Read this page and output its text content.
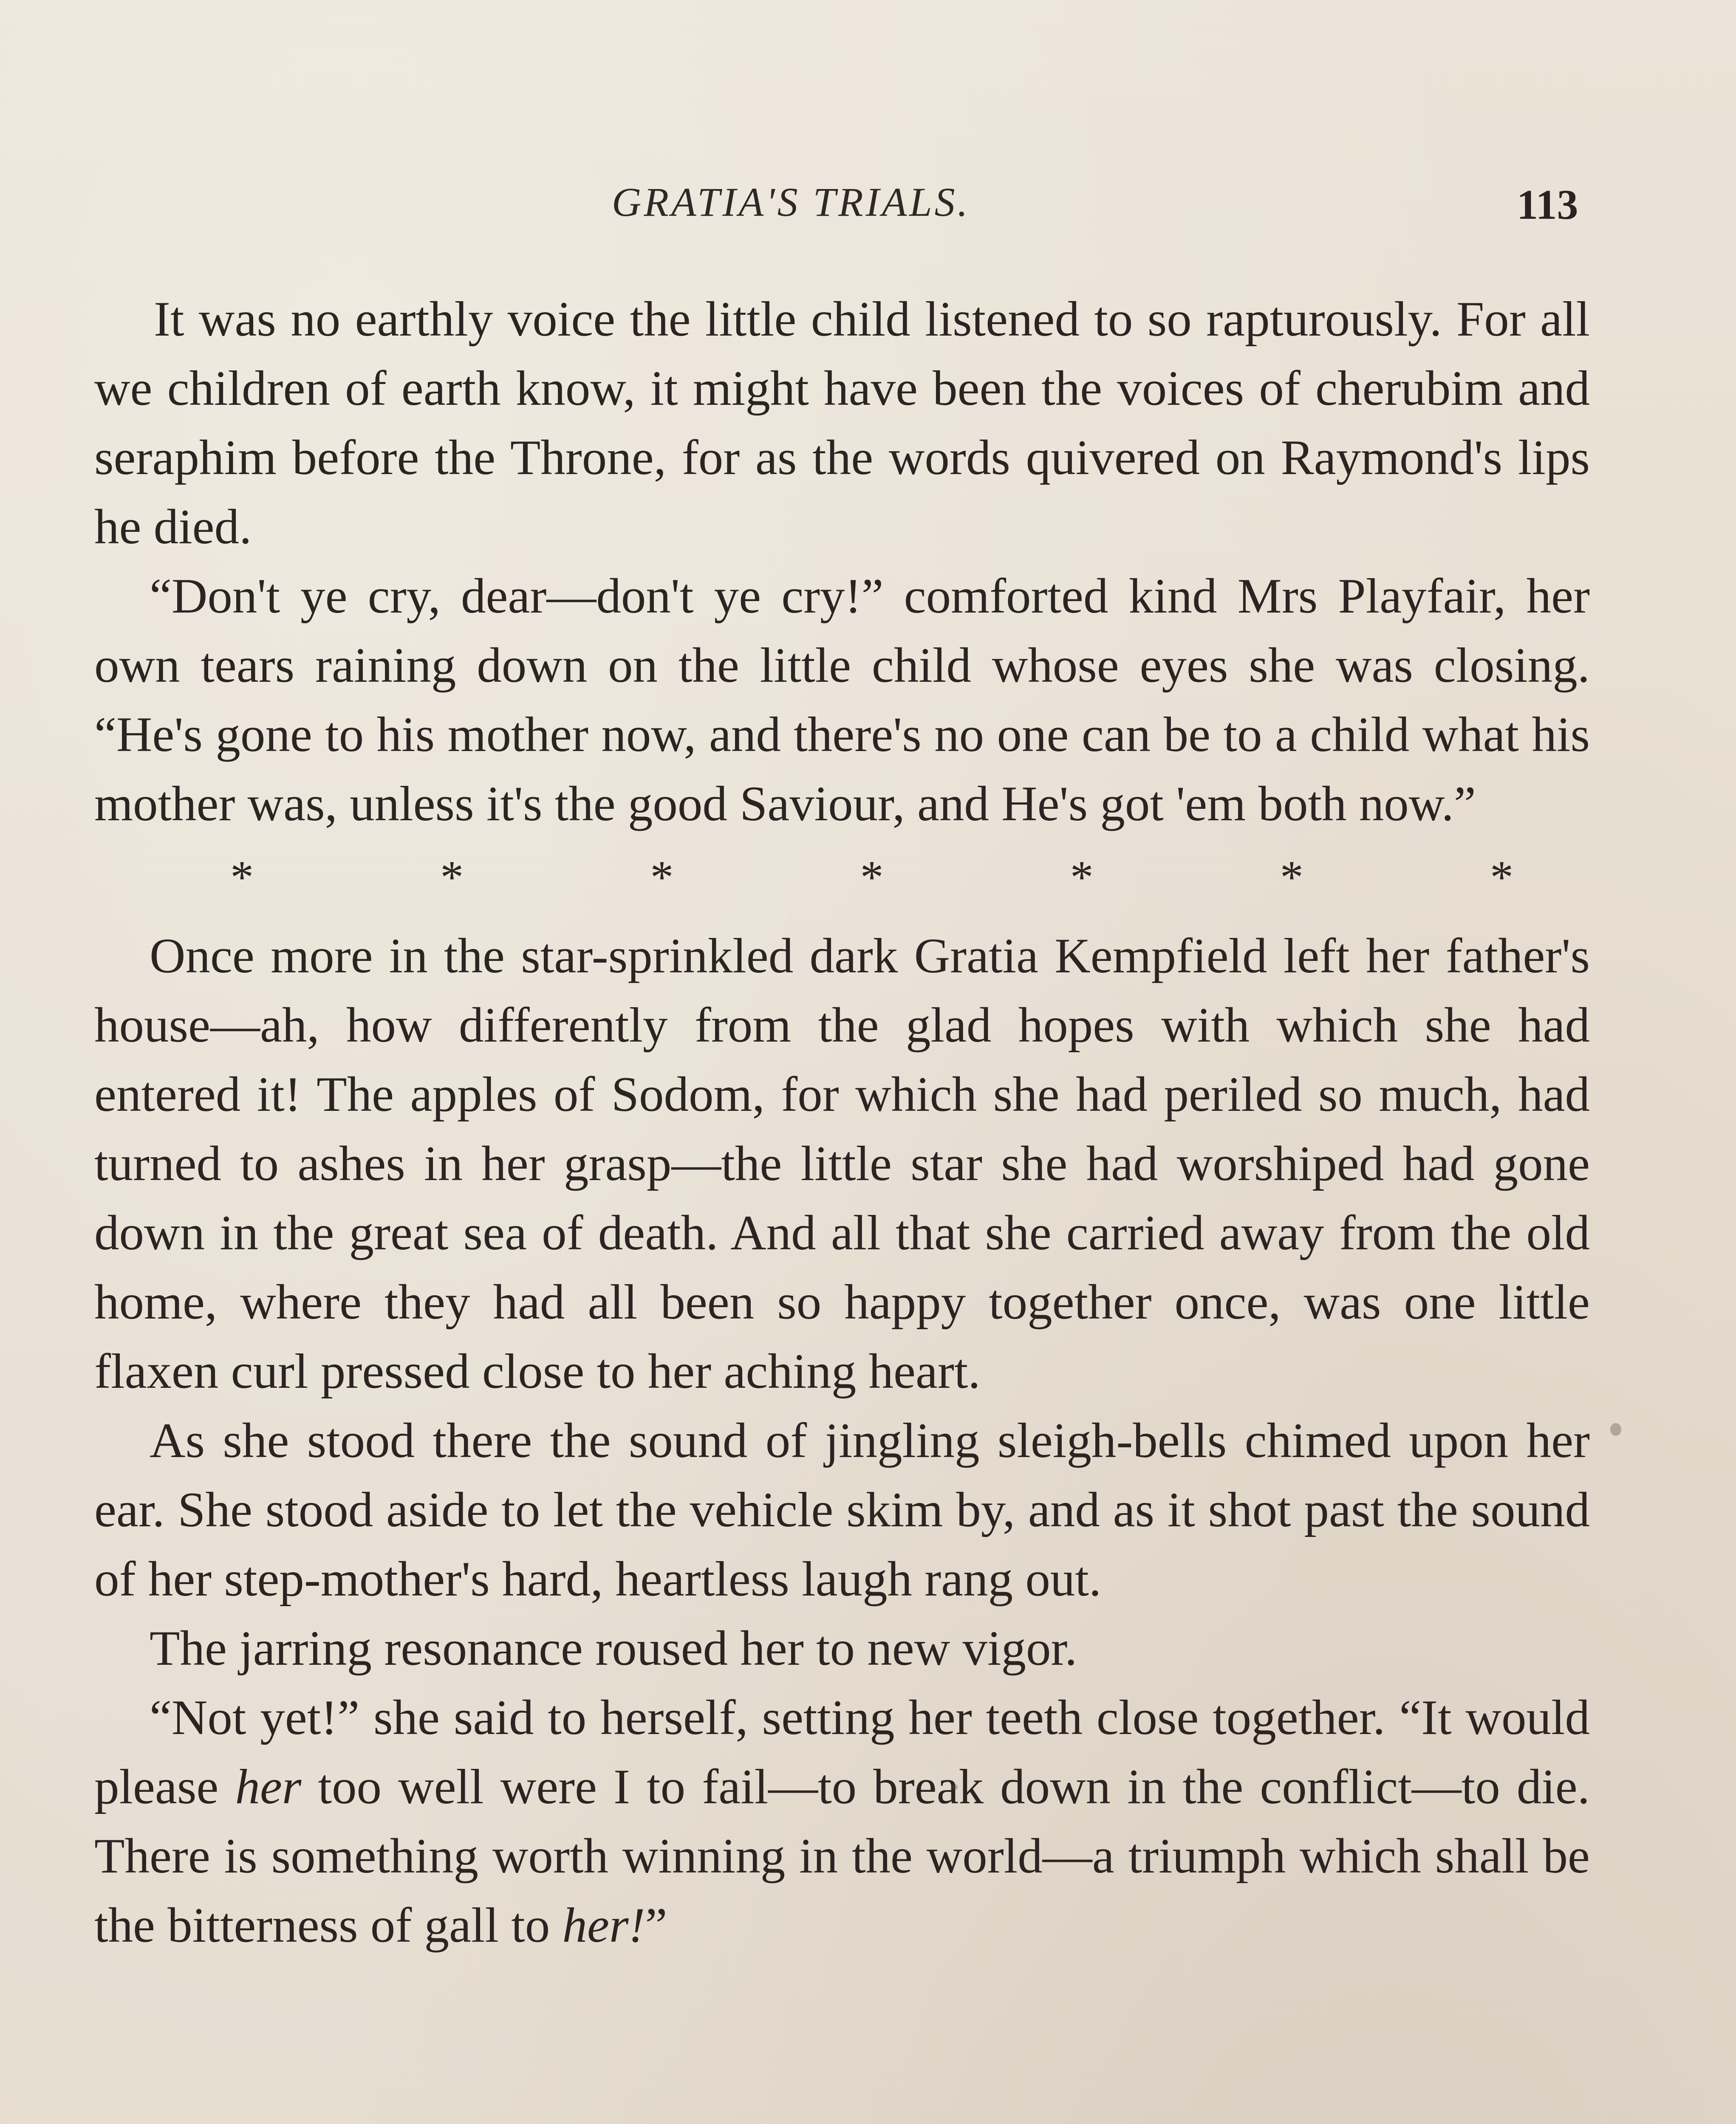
GRATIA'S TRIALS.	113

It was no earthly voice the little child listened to so rapturously. For all we children of earth know, it might have been the voices of cherubim and seraphim before the Throne, for as the words quivered on Raymond's lips he died.

“Don't ye cry, dear—don't ye cry!” comforted kind Mrs Playfair, her own tears raining down on the little child whose eyes she was closing. “He's gone to his mother now, and there's no one can be to a child what his mother was, unless it's the good Saviour, and He's got 'em both now.”

*	*	*	*	*	*	*

Once more in the star-sprinkled dark Gratia Kempfield left her father's house—ah, how differently from the glad hopes with which she had entered it! The apples of Sodom, for which she had periled so much, had turned to ashes in her grasp—the little star she had worshiped had gone down in the great sea of death. And all that she carried away from the old home, where they had all been so happy together once, was one little flaxen curl pressed close to her aching heart.

As she stood there the sound of jingling sleigh-bells chimed upon her ear. She stood aside to let the vehicle skim by, and as it shot past the sound of her step-mother's hard, heartless laugh rang out.

The jarring resonance roused her to new vigor.

“Not yet!” she said to herself, setting her teeth close together. “It would please her too well were I to fail—to break down in the conflict—to die. There is something worth winning in the world—a triumph which shall be the bitterness of gall to her!”
